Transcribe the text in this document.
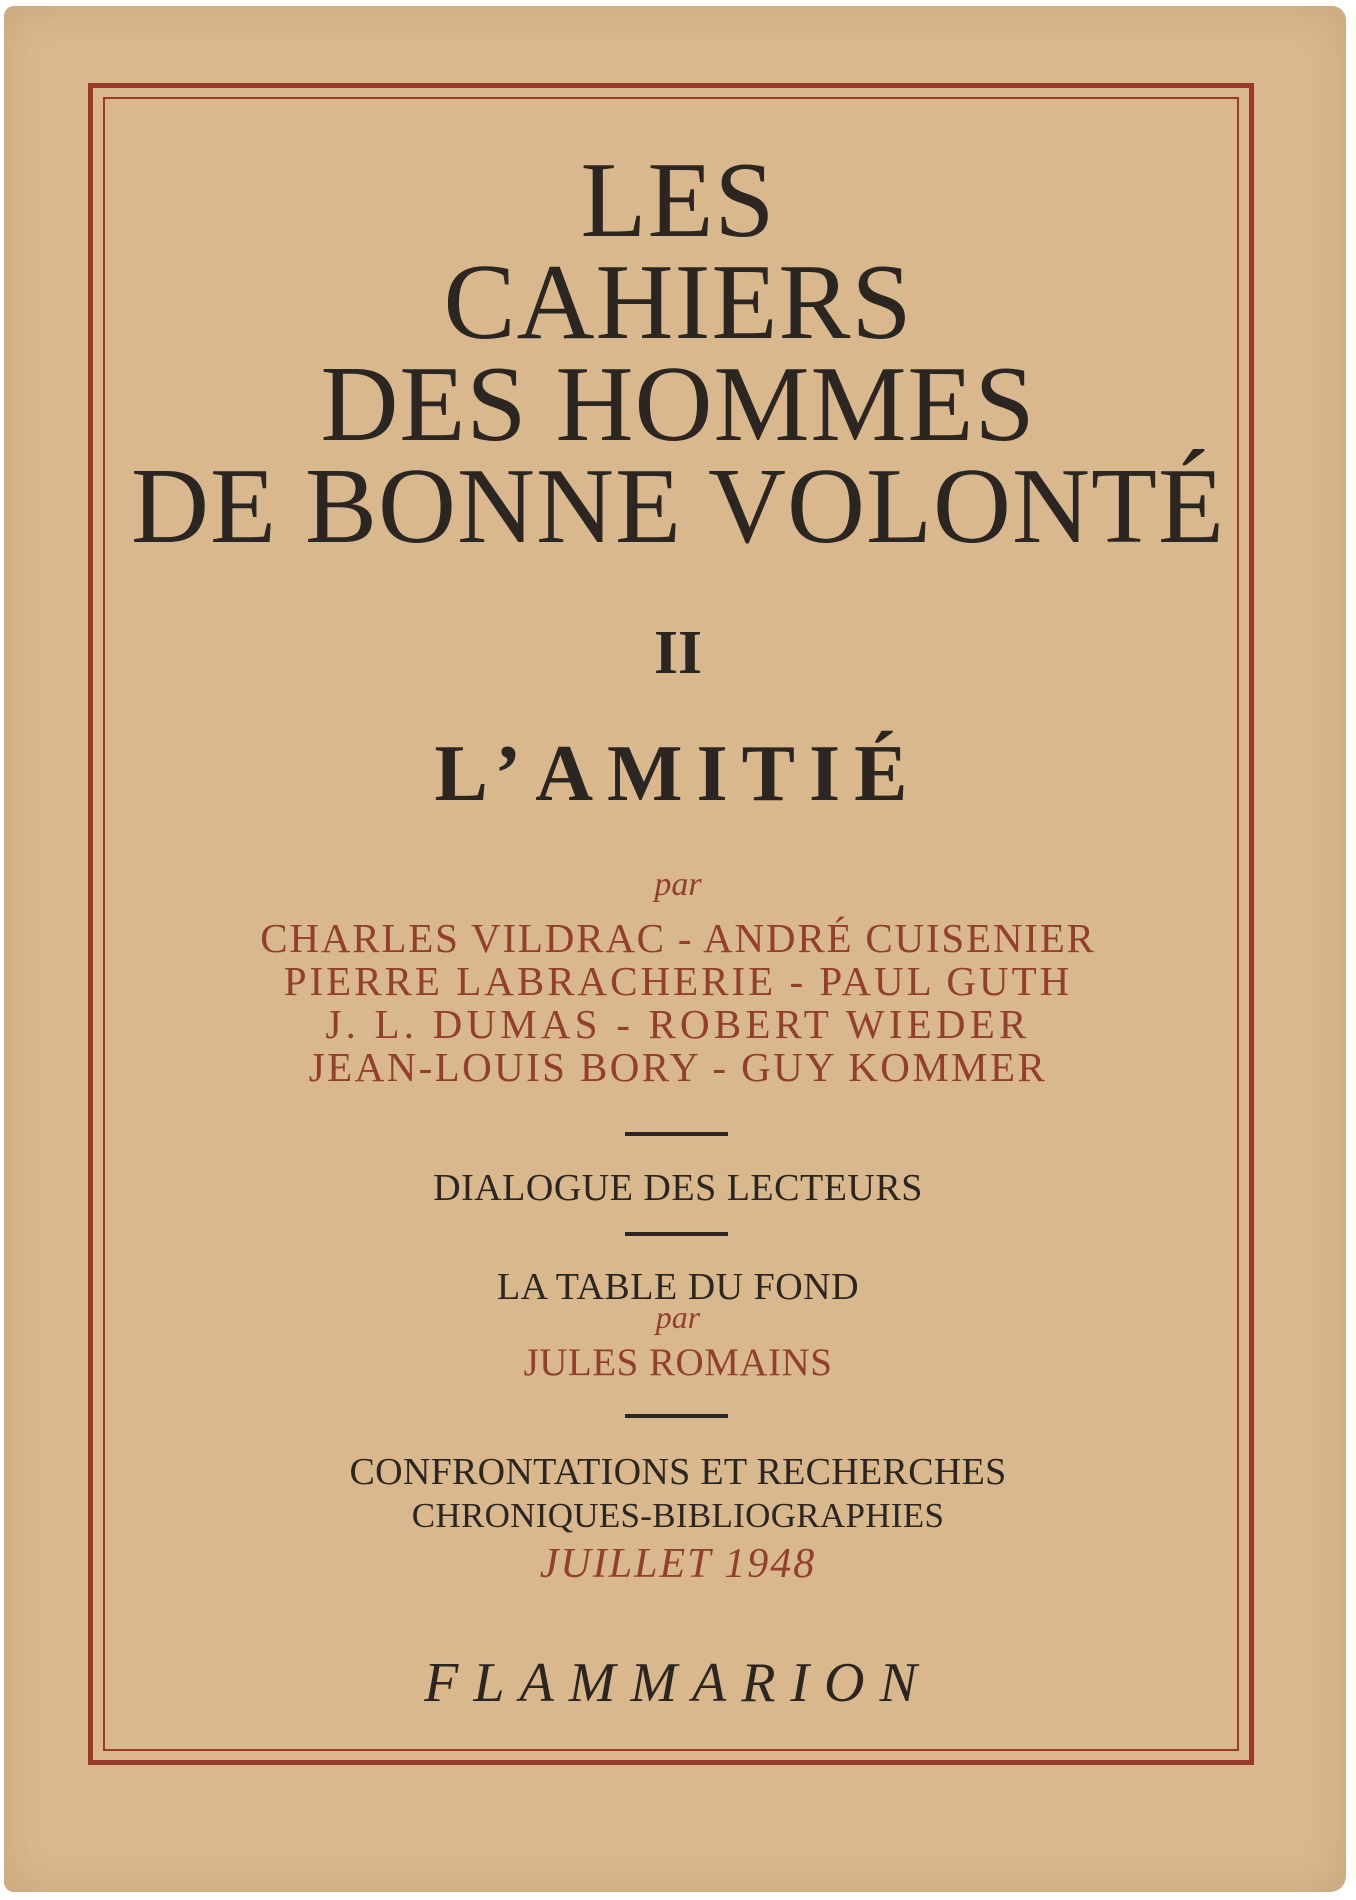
LES
CAHIERS
DES HOMMES
DE BONNE VOLONTÉ
II
L’AMITIÉ
par
CHARLES VILDRAC - ANDRÉ CUISENIER
PIERRE LABRACHERIE - PAUL GUTH
J. L. DUMAS - ROBERT WIEDER
JEAN-LOUIS BORY - GUY KOMMER
DIALOGUE DES LECTEURS
LA TABLE DU FOND
par
JULES ROMAINS
CONFRONTATIONS ET RECHERCHES
CHRONIQUES-BIBLIOGRAPHIES
JUILLET 1948
FLAMMARION
